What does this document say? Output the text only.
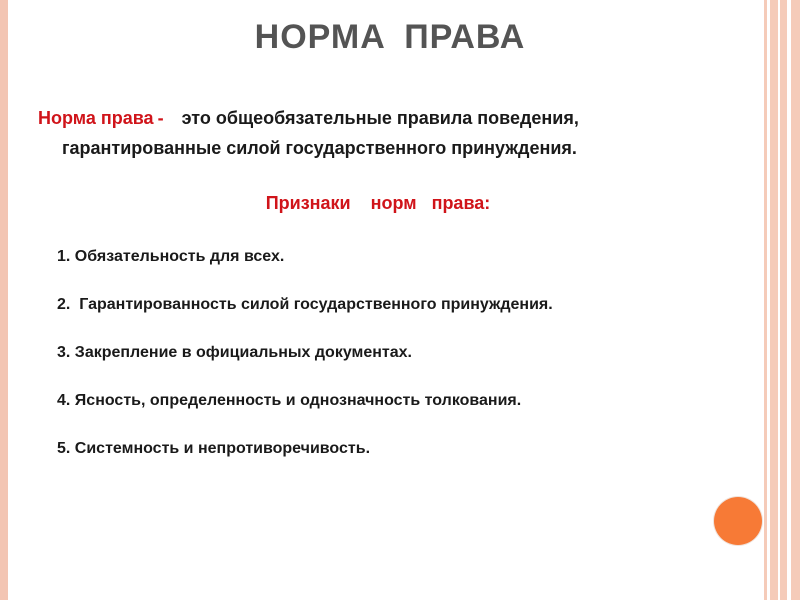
НОРМА ПРАВА
Норма права - это общеобязательные правила поведения,
гарантированные силой государственного принуждения.
Признаки    норм   права:
1. Обязательность для всех.
2.  Гарантированность силой государственного принуждения.
3. Закрепление в официальных документах.
4. Ясность, определенность и однозначность толкования.
5. Системность и непротиворечивость.
